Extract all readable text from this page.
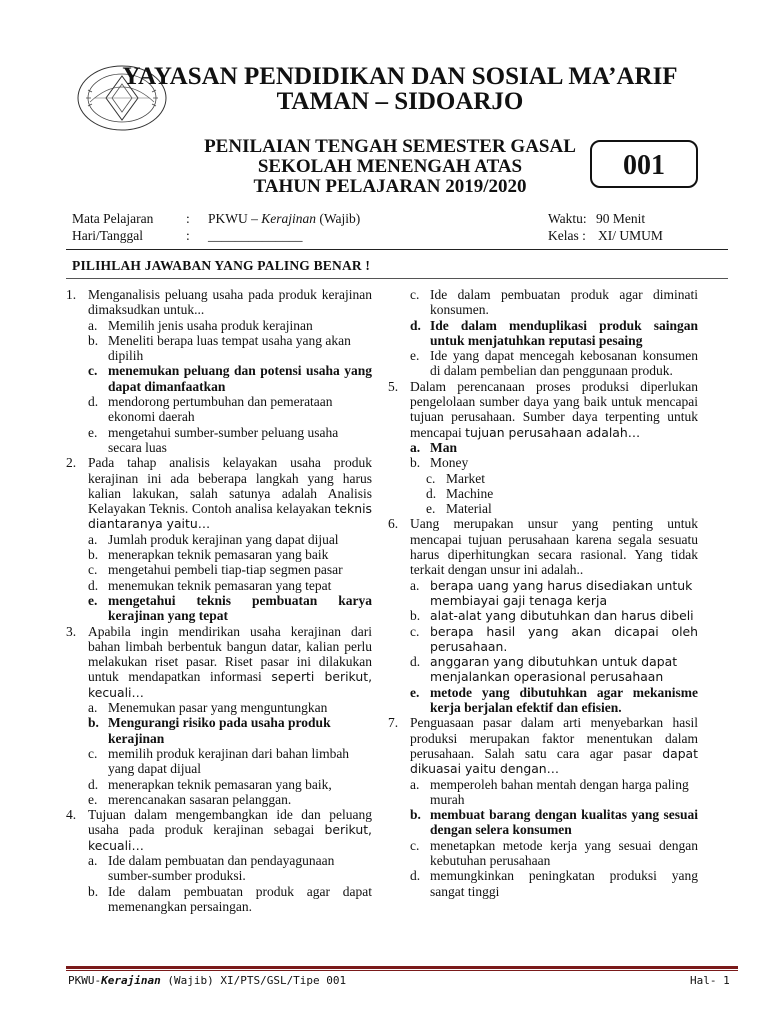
YAYASAN PENDIDIKAN DAN SOSIAL MA’ARIF
TAMAN – SIDOARJO
PENILAIAN TENGAH SEMESTER GASAL
SEKOLAH MENENGAH ATAS
TAHUN PELAJARAN 2019/2020
001
Mata Pelajaran : PKWU – Kerajinan (Wajib)
Hari/Tanggal	: ______________
Waktu: 90 Menit
Kelas : XI/ UMUM
PILIHLAH JAWABAN YANG PALING BENAR !
1. Menganalisis peluang usaha pada produk kerajinan dimaksudkan untuk...
a. Memilih jenis usaha produk kerajinan
b. Meneliti berapa luas tempat usaha yang akan dipilih
c. menemukan peluang dan potensi usaha yang dapat dimanfaatkan
d. mendorong pertumbuhan dan pemerataan ekonomi daerah
e. mengetahui sumber-sumber peluang usaha secara luas
2. Pada tahap analisis kelayakan usaha produk kerajinan ini ada beberapa langkah yang harus kalian lakukan, salah satunya adalah Analisis Kelayakan Teknis. Contoh analisa kelayakan teknis diantaranya yaitu…
a. Jumlah produk kerajinan yang dapat dijual
b. menerapkan teknik pemasaran yang baik
c. mengetahui pembeli tiap-tiap segmen pasar
d. menemukan teknik pemasaran yang tepat
e. mengetahui teknis pembuatan karya kerajinan yang tepat
3. Apabila ingin mendirikan usaha kerajinan dari bahan limbah berbentuk bangun datar, kalian perlu melakukan riset pasar. Riset pasar ini dilakukan untuk mendapatkan informasi seperti berikut, kecuali…
a. Menemukan pasar yang menguntungkan
b. Mengurangi risiko pada usaha produk kerajinan
c. memilih produk kerajinan dari bahan limbah yang dapat dijual
d. menerapkan teknik pemasaran yang baik,
e. merencanakan sasaran pelanggan.
4. Tujuan dalam mengembangkan ide dan peluang usaha pada produk kerajinan sebagai berikut, kecuali…
a. Ide dalam pembuatan dan pendayagunaan sumber-sumber produksi.
b. Ide dalam pembuatan produk agar dapat memenangkan persaingan.
c. Ide dalam pembuatan produk agar diminati konsumen.
d. Ide dalam menduplikasi produk saingan untuk menjatuhkan reputasi pesaing
e. Ide yang dapat mencegah kebosanan konsumen di dalam pembelian dan penggunaan produk.
5. Dalam perencanaan proses produksi diperlukan pengelolaan sumber daya yang baik untuk mencapai tujuan perusahaan. Sumber daya terpenting untuk mencapai tujuan perusahaan adalah…
a. Man
b. Money
c. Market
d. Machine
e. Material
6. Uang merupakan unsur yang penting untuk mencapai tujuan perusahaan karena segala sesuatu harus diperhitungkan secara rasional. Yang tidak terkait dengan unsur ini adalah..
a. berapa uang yang harus disediakan untuk membiayai gaji tenaga kerja
b. alat-alat yang dibutuhkan dan harus dibeli
c. berapa hasil yang akan dicapai oleh perusahaan.
d. anggaran yang dibutuhkan untuk dapat menjalankan operasional perusahaan
e. metode yang dibutuhkan agar mekanisme kerja berjalan efektif dan efisien.
7. Penguasaan pasar dalam arti menyebarkan hasil produksi merupakan faktor menentukan dalam perusahaan. Salah satu cara agar pasar dapat dikuasai yaitu dengan…
a. memperoleh bahan mentah dengan harga paling murah
b. membuat barang dengan kualitas yang sesuai dengan selera konsumen
c. menetapkan metode kerja yang sesuai dengan kebutuhan perusahaan
d. memungkinkan peningkatan produksi yang sangat tinggi
PKWU-Kerajinan (Wajib) XI/PTS/GSL/Tipe 001	Hal- 1
